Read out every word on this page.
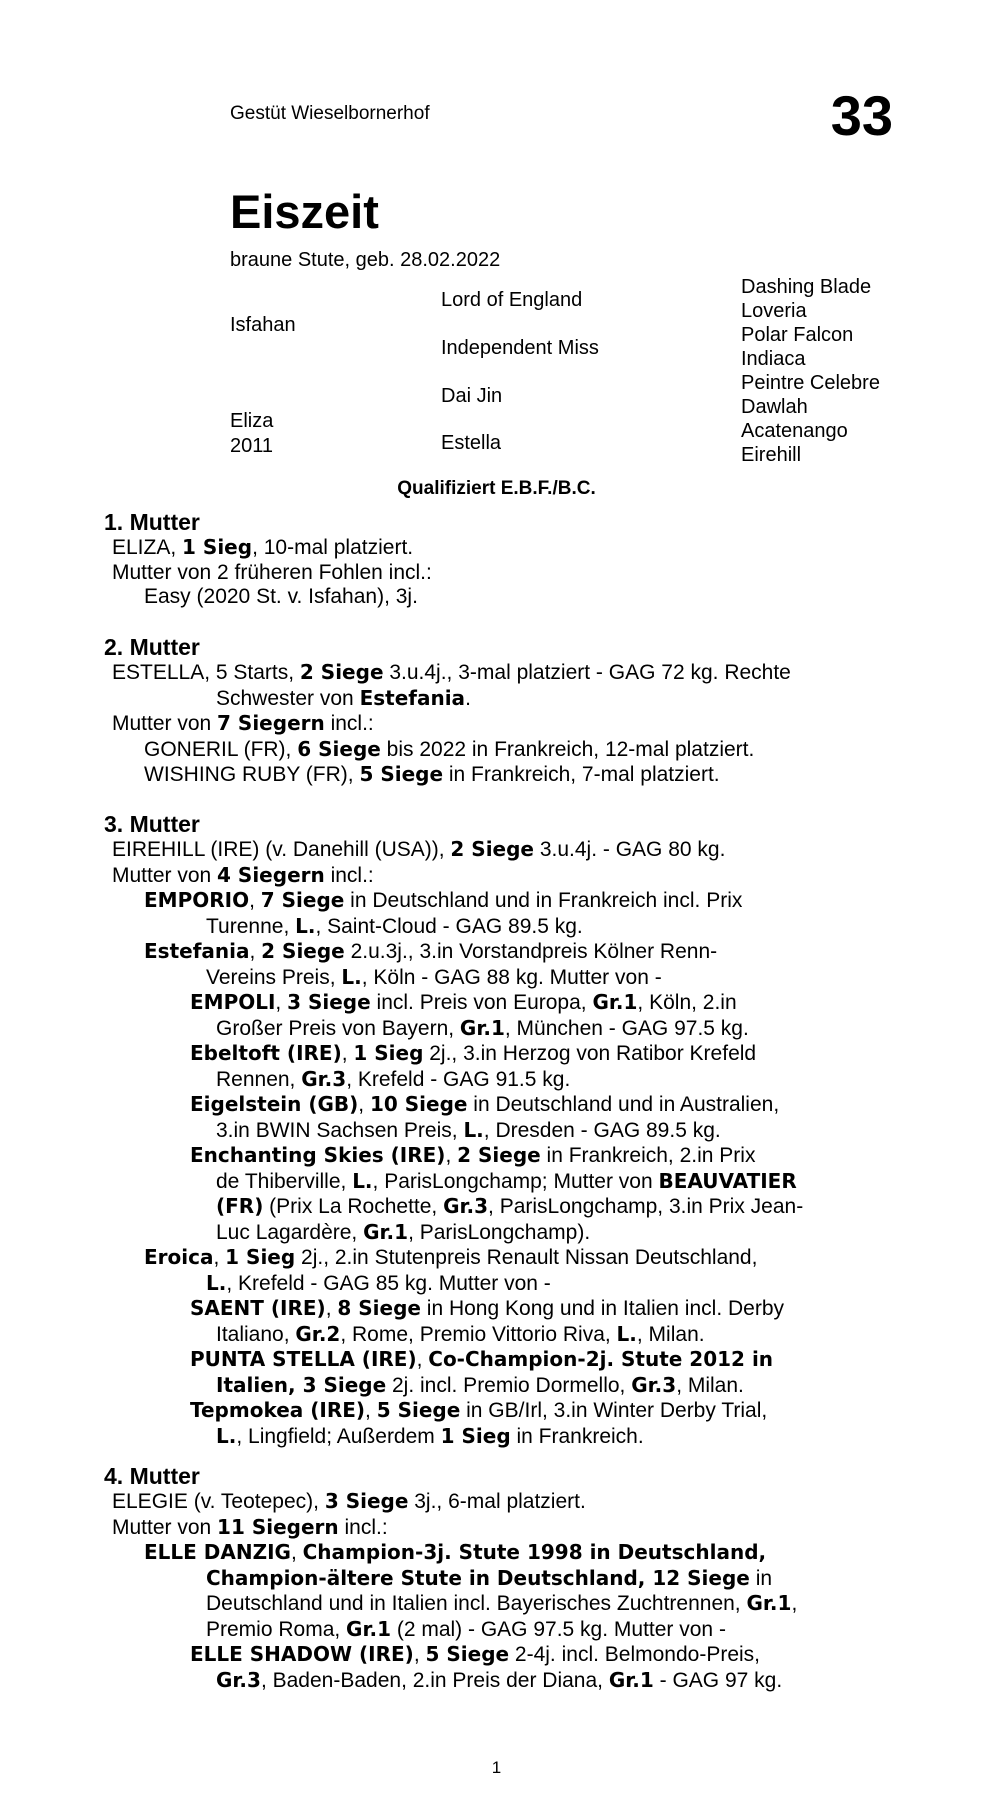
Gestüt Wieselbornerhof	33
Eiszeit
braune Stute, geb. 28.02.2022
Isfahan
Eliza
2011
Lord of England
Independent Miss
Dai Jin
Estella
Dashing Blade
Loveria
Polar Falcon
Indiaca
Peintre Celebre
Dawlah
Acatenango
Eirehill
Qualifiziert E.B.F./B.C.
1. Mutter
ELIZA, 1 Sieg, 10-mal platziert.
Mutter von 2 früheren Fohlen incl.:
Easy (2020 St. v. Isfahan), 3j.
2. Mutter
ESTELLA, 5 Starts, 2 Siege 3.u.4j., 3-mal platziert - GAG 72 kg. Rechte
Schwester von Estefania.
Mutter von 7 Siegern incl.:
GONERIL (FR), 6 Siege bis 2022 in Frankreich, 12-mal platziert.
WISHING RUBY (FR), 5 Siege in Frankreich, 7-mal platziert.
3. Mutter
EIREHILL (IRE) (v. Danehill (USA)), 2 Siege 3.u.4j. - GAG 80 kg.
Mutter von 4 Siegern incl.:
EMPORIO, 7 Siege in Deutschland und in Frankreich incl. Prix
Turenne, L., Saint-Cloud - GAG 89.5 kg.
Estefania, 2 Siege 2.u.3j., 3.in Vorstandpreis Kölner Renn-
Vereins Preis, L., Köln - GAG 88 kg. Mutter von -
EMPOLI, 3 Siege incl. Preis von Europa, Gr.1, Köln, 2.in
Großer Preis von Bayern, Gr.1, München - GAG 97.5 kg.
Ebeltoft (IRE), 1 Sieg 2j., 3.in Herzog von Ratibor Krefeld
Rennen, Gr.3, Krefeld - GAG 91.5 kg.
Eigelstein (GB), 10 Siege in Deutschland und in Australien,
3.in BWIN Sachsen Preis, L., Dresden - GAG 89.5 kg.
Enchanting Skies (IRE), 2 Siege in Frankreich, 2.in Prix
de Thiberville, L., ParisLongchamp; Mutter von BEAUVATIER
(FR) (Prix La Rochette, Gr.3, ParisLongchamp, 3.in Prix Jean-
Luc Lagardère, Gr.1, ParisLongchamp).
Eroica, 1 Sieg 2j., 2.in Stutenpreis Renault Nissan Deutschland,
L., Krefeld - GAG 85 kg. Mutter von -
SAENT (IRE), 8 Siege in Hong Kong und in Italien incl. Derby
Italiano, Gr.2, Rome, Premio Vittorio Riva, L., Milan.
PUNTA STELLA (IRE), Co-Champion-2j. Stute 2012 in
Italien, 3 Siege 2j. incl. Premio Dormello, Gr.3, Milan.
Tepmokea (IRE), 5 Siege in GB/Irl, 3.in Winter Derby Trial,
L., Lingfield; Außerdem 1 Sieg in Frankreich.
4. Mutter
ELEGIE (v. Teotepec), 3 Siege 3j., 6-mal platziert.
Mutter von 11 Siegern incl.:
ELLE DANZIG, Champion-3j. Stute 1998 in Deutschland,
Champion-ältere Stute in Deutschland, 12 Siege in
Deutschland und in Italien incl. Bayerisches Zuchtrennen, Gr.1,
Premio Roma, Gr.1 (2 mal) - GAG 97.5 kg. Mutter von -
ELLE SHADOW (IRE), 5 Siege 2-4j. incl. Belmondo-Preis,
Gr.3, Baden-Baden, 2.in Preis der Diana, Gr.1 - GAG 97 kg.
1
